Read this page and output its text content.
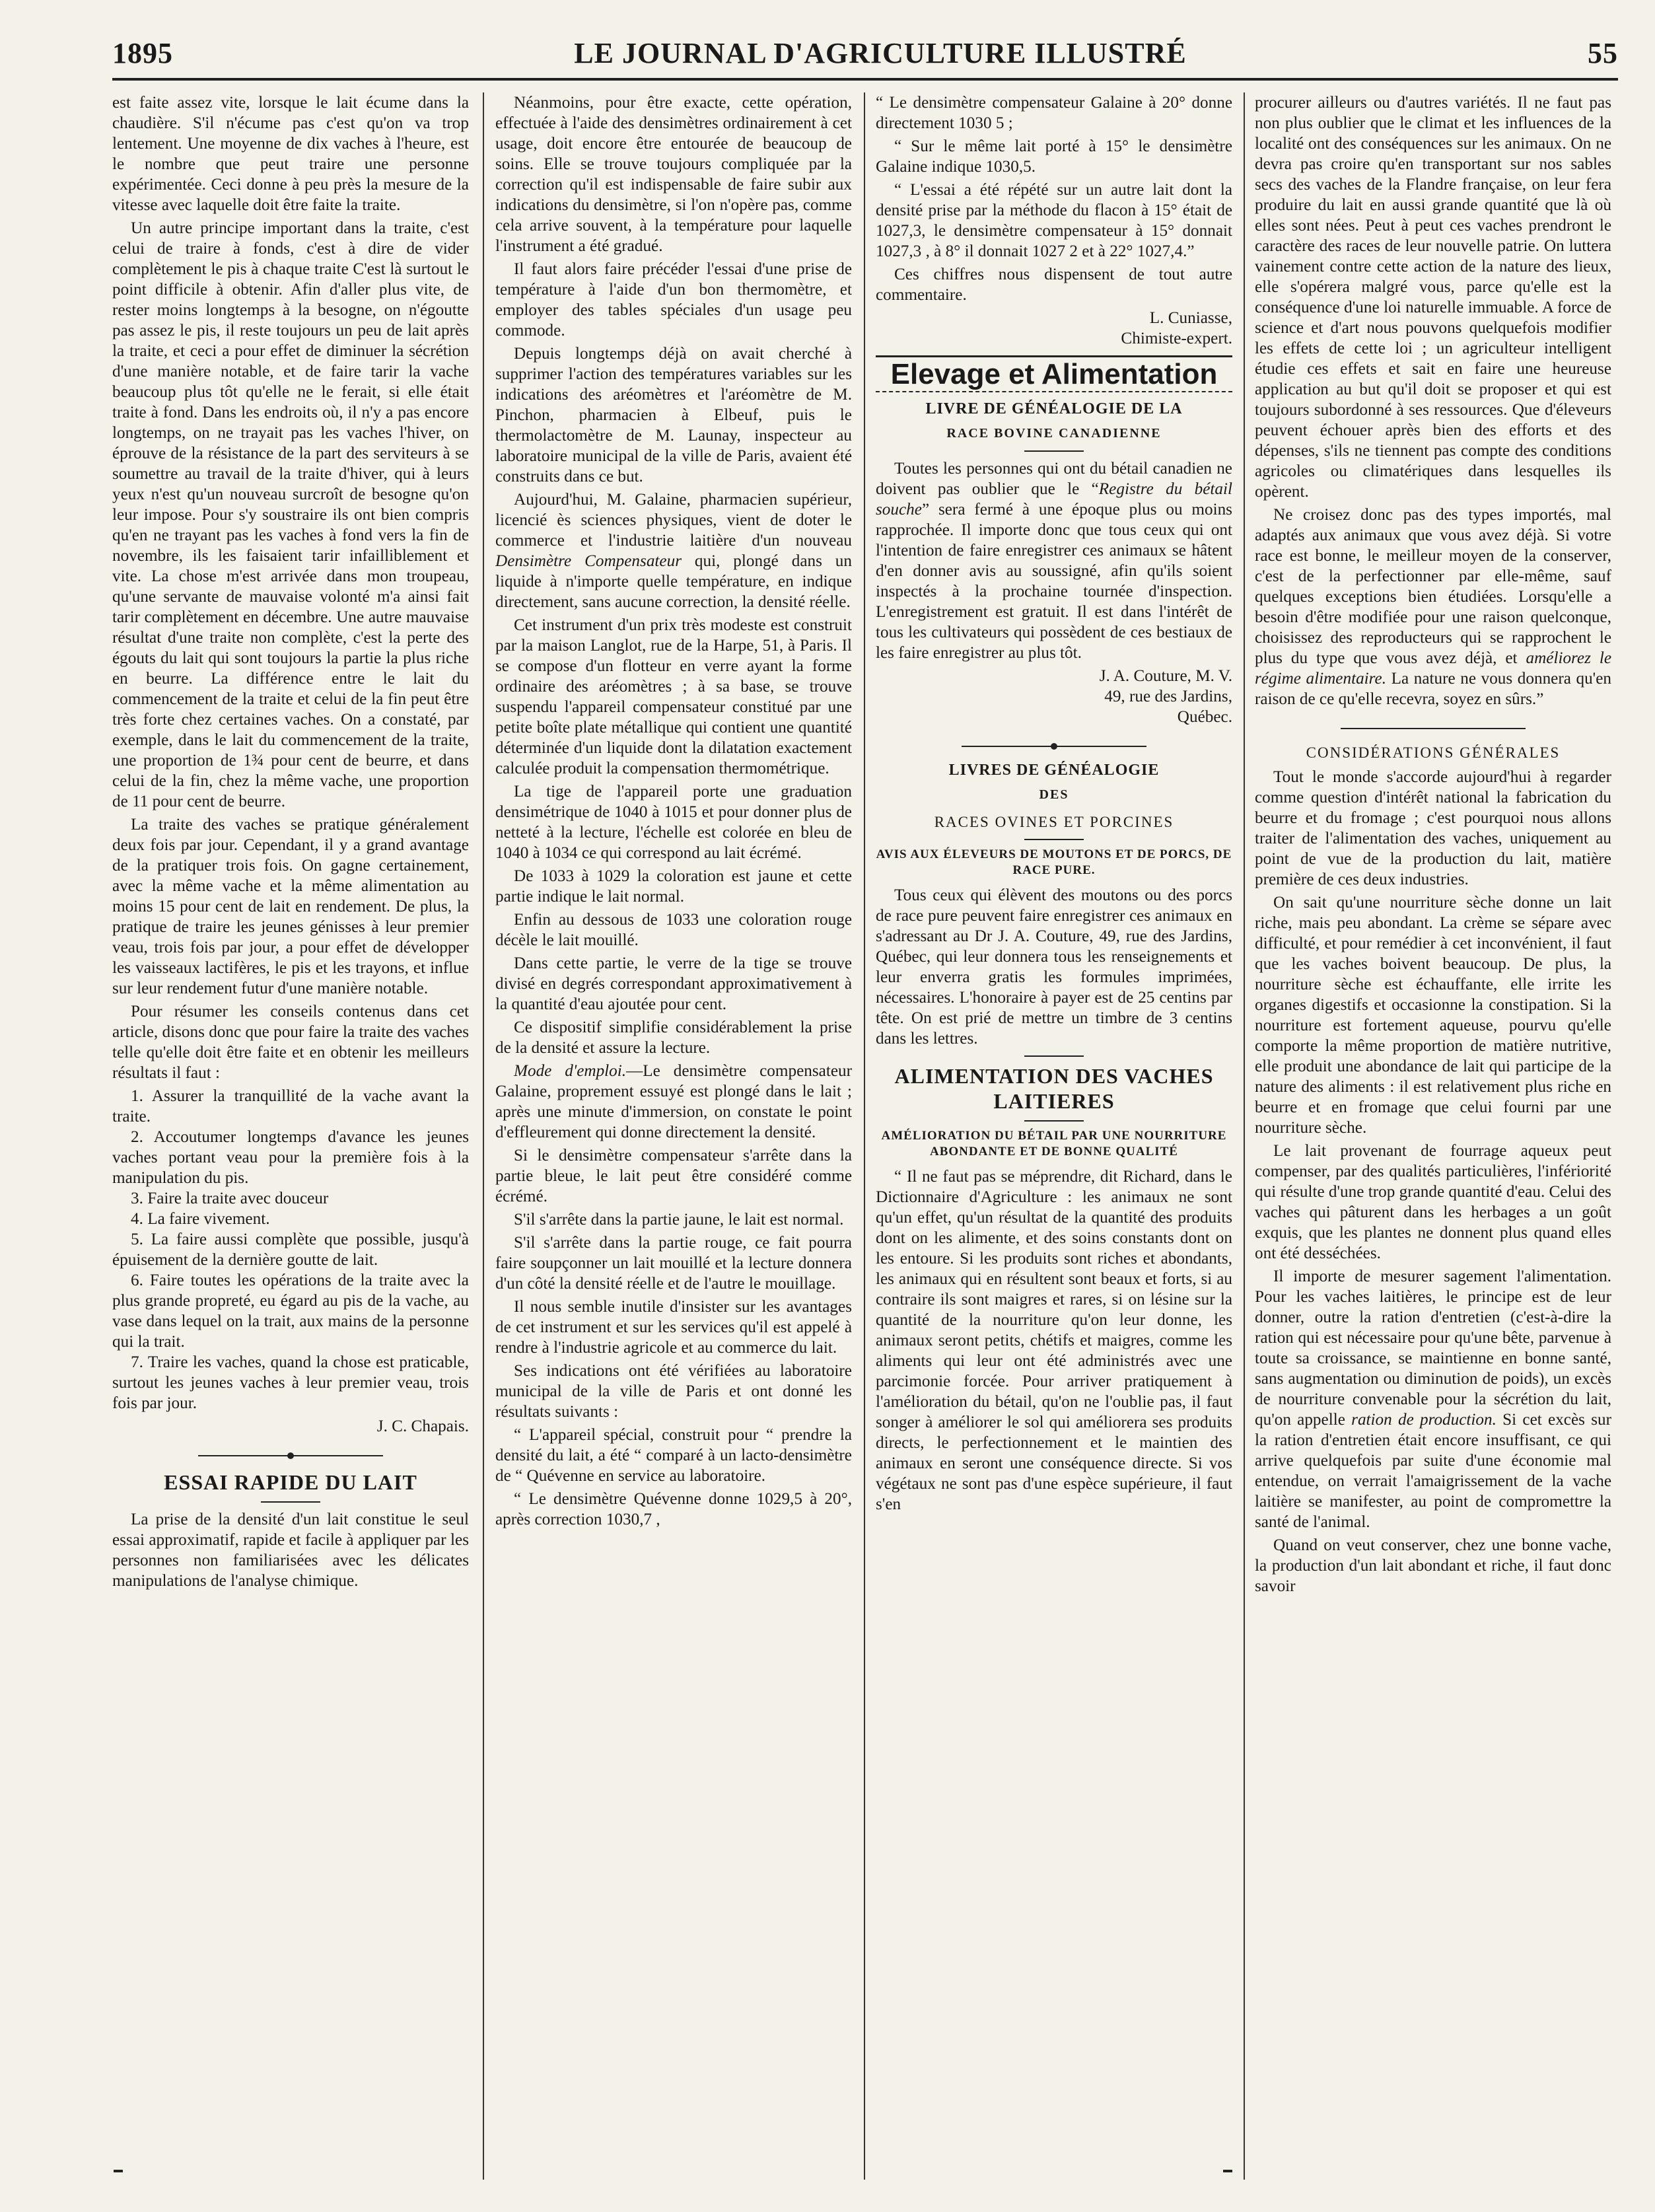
1895	LE JOURNAL D'AGRICULTURE ILLUSTRÉ	55

est faite assez vite, lorsque le lait écume dans la chaudière. S'il n'écume pas c'est qu'on va trop lentement. Une moyenne de dix vaches à l'heure, est le nombre que peut traire une personne expérimentée. Ceci donne à peu près la mesure de la vitesse avec laquelle doit être faite la traite.

Un autre principe important dans la traite, c'est celui de traire à fonds, c'est à dire de vider complètement le pis à chaque traite C'est là surtout le point difficile à obtenir. Afin d'aller plus vite, de rester moins longtemps à la besogne, on n'égoutte pas assez le pis, il reste toujours un peu de lait après la traite, et ceci a pour effet de diminuer la sécrétion d'une manière notable, et de faire tarir la vache beaucoup plus tôt qu'elle ne le ferait, si elle était traite à fond. Dans les endroits où, il n'y a pas encore longtemps, on ne trayait pas les vaches l'hiver, on éprouve de la résistance de la part des serviteurs à se soumettre au travail de la traite d'hiver, qui à leurs yeux n'est qu'un nouveau surcroît de besogne qu'on leur impose. Pour s'y soustraire ils ont bien compris qu'en ne trayant pas les vaches à fond vers la fin de novembre, ils les faisaient tarir infailliblement et vite. La chose m'est arrivée dans mon troupeau, qu'une servante de mauvaise volonté m'a ainsi fait tarir complètement en décembre. Une autre mauvaise résultat d'une traite non complète, c'est la perte des égouts du lait qui sont toujours la partie la plus riche en beurre. La différence entre le lait du commencement de la traite et celui de la fin peut être très forte chez certaines vaches. On a constaté, par exemple, dans le lait du commencement de la traite, une proportion de 1¾ pour cent de beurre, et dans celui de la fin, chez la même vache, une proportion de 11 pour cent de beurre.

La traite des vaches se pratique généralement deux fois par jour. Cependant, il y a grand avantage de la pratiquer trois fois. On gagne certainement, avec la même vache et la même alimentation au moins 15 pour cent de lait en rendement. De plus, la pratique de traire les jeunes génisses à leur premier veau, trois fois par jour, a pour effet de développer les vaisseaux lactifères, le pis et les trayons, et influe sur leur rendement futur d'une manière notable.

Pour résumer les conseils contenus dans cet article, disons donc que pour faire la traite des vaches telle qu'elle doit être faite et en obtenir les meilleurs résultats il faut :

1. Assurer la tranquillité de la vache avant la traite.
2. Accoutumer longtemps d'avance les jeunes vaches portant veau pour la première fois à la manipulation du pis.
3. Faire la traite avec douceur
4. La faire vivement.
5. La faire aussi complète que possible, jusqu'à épuisement de la dernière goutte de lait.
6. Faire toutes les opérations de la traite avec la plus grande propreté, eu égard au pis de la vache, au vase dans lequel on la trait, aux mains de la personne qui la trait.
7. Traire les vaches, quand la chose est praticable, surtout les jeunes vaches à leur premier veau, trois fois par jour.
J. C. Chapais.
ESSAI RAPIDE DU LAIT

La prise de la densité d'un lait constitue le seul essai approximatif, rapide et facile à appliquer par les personnes non familiarisées avec les délicates manipulations de l'analyse chimique.

Néanmoins, pour être exacte, cette opération, effectuée à l'aide des densimètres ordinairement à cet usage, doit encore être entourée de beaucoup de soins. Elle se trouve toujours compliquée par la correction qu'il est indispensable de faire subir aux indications du densimètre, si l'on n'opère pas, comme cela arrive souvent, à la température pour laquelle l'instrument a été gradué.

Il faut alors faire précéder l'essai d'une prise de température à l'aide d'un bon thermomètre, et employer des tables spéciales d'un usage peu commode.

Depuis longtemps déjà on avait cherché à supprimer l'action des températures variables sur les indications des aréomètres et l'aréomètre de M. Pinchon, pharmacien à Elbeuf, puis le thermolactomètre de M. Launay, inspecteur au laboratoire municipal de la ville de Paris, avaient été construits dans ce but.

Aujourd'hui, M. Galaine, pharmacien supérieur, licencié ès sciences physiques, vient de doter le commerce et l'industrie laitière d'un nouveau Densimètre Compensateur qui, plongé dans un liquide à n'importe quelle température, en indique directement, sans aucune correction, la densité réelle.

Cet instrument d'un prix très modeste est construit par la maison Langlot, rue de la Harpe, 51, à Paris. Il se compose d'un flotteur en verre ayant la forme ordinaire des aréomètres ; à sa base, se trouve suspendu l'appareil compensateur constitué par une petite boîte plate métallique qui contient une quantité déterminée d'un liquide dont la dilatation exactement calculée produit la compensation thermométrique.

La tige de l'appareil porte une graduation densimétrique de 1040 à 1015 et pour donner plus de netteté à la lecture, l'échelle est colorée en bleu de 1040 à 1034 ce qui correspond au lait écrémé.

De 1033 à 1029 la coloration est jaune et cette partie indique le lait normal.

Enfin au dessous de 1033 une coloration rouge décèle le lait mouillé.

Dans cette partie, le verre de la tige se trouve divisé en degrés correspondant approximativement à la quantité d'eau ajoutée pour cent.

Ce dispositif simplifie considérablement la prise de la densité et assure la lecture.

Mode d'emploi.—Le densimètre compensateur Galaine, proprement essuyé est plongé dans le lait ; après une minute d'immersion, on constate le point d'effleurement qui donne directement la densité.

Si le densimètre compensateur s'arrête dans la partie bleue, le lait peut être considéré comme écrémé.

S'il s'arrête dans la partie jaune, le lait est normal.

S'il s'arrête dans la partie rouge, ce fait pourra faire soupçonner un lait mouillé et la lecture donnera d'un côté la densité réelle et de l'autre le mouillage.

Il nous semble inutile d'insister sur les avantages de cet instrument et sur les services qu'il est appelé à rendre à l'industrie agricole et au commerce du lait.

Ses indications ont été vérifiées au laboratoire municipal de la ville de Paris et ont donné les résultats suivants :

“ L'appareil spécial, construit pour “ prendre la densité du lait, a été “ comparé à un lacto-densimètre de “ Quévenne en service au laboratoire.

“ Le densimètre Quévenne donne 1029,5 à 20°, après correction 1030,7 ,

“ Le densimètre compensateur Galaine à 20° donne directement 1030 5 ;

“ Sur le même lait porté à 15° le densimètre Galaine indique 1030,5.

“ L'essai a été répété sur un autre lait dont la densité prise par la méthode du flacon à 15° était de 1027,3, le densimètre compensateur à 15° donnait 1027,3 , à 8° il donnait 1027 2 et à 22° 1027,4.”

Ces chiffres nous dispensent de tout autre commentaire.

L. Cuniasse,
Chimiste-expert.
Elevage et Alimentation
LIVRE DE GÉNÉALOGIE DE LA
RACE BOVINE CANADIENNE

Toutes les personnes qui ont du bétail canadien ne doivent pas oublier que le “Registre du bétail souche” sera fermé à une époque plus ou moins rapprochée. Il importe donc que tous ceux qui ont l'intention de faire enregistrer ces animaux se hâtent d'en donner avis au soussigné, afin qu'ils soient inspectés à la prochaine tournée d'inspection. L'enregistrement est gratuit. Il est dans l'intérêt de tous les cultivateurs qui possèdent de ces bestiaux de les faire enregistrer au plus tôt.

J. A. Couture, M. V.
49, rue des Jardins,
Québec.
LIVRES DE GÉNÉALOGIE
DES
RACES OVINES ET PORCINES
AVIS AUX ÉLEVEURS DE MOUTONS ET DE PORCS, DE RACE PURE.

Tous ceux qui élèvent des moutons ou des porcs de race pure peuvent faire enregistrer ces animaux en s'adressant au Dr J. A. Couture, 49, rue des Jardins, Québec, qui leur donnera tous les renseignements et leur enverra gratis les formules imprimées, nécessaires. L'honoraire à payer est de 25 centins par tête. On est prié de mettre un timbre de 3 centins dans les lettres.

ALIMENTATION DES VACHES LAITIERES
AMÉLIORATION DU BÉTAIL PAR UNE NOURRITURE ABONDANTE ET DE BONNE QUALITÉ

“ Il ne faut pas se méprendre, dit Richard, dans le Dictionnaire d'Agriculture : les animaux ne sont qu'un effet, qu'un résultat de la quantité des produits dont on les alimente, et des soins constants dont on les entoure. Si les produits sont riches et abondants, les animaux qui en résultent sont beaux et forts, si au contraire ils sont maigres et rares, si on lésine sur la quantité de la nourriture qu'on leur donne, les animaux seront petits, chétifs et maigres, comme les aliments qui leur ont été administrés avec une parcimonie forcée. Pour arriver pratiquement à l'amélioration du bétail, qu'on ne l'oublie pas, il faut songer à améliorer le sol qui améliorera ses produits directs, le perfectionnement et le maintien des animaux en seront une conséquence directe. Si vos végétaux ne sont pas d'une espèce supérieure, il faut s'en

procurer ailleurs ou d'autres variétés. Il ne faut pas non plus oublier que le climat et les influences de la localité ont des conséquences sur les animaux. On ne devra pas croire qu'en transportant sur nos sables secs des vaches de la Flandre française, on leur fera produire du lait en aussi grande quantité que là où elles sont nées. Peut à peut ces vaches prendront le caractère des races de leur nouvelle patrie. On luttera vainement contre cette action de la nature des lieux, elle s'opérera malgré vous, parce qu'elle est la conséquence d'une loi naturelle immuable. A force de science et d'art nous pouvons quelquefois modifier les effets de cette loi ; un agriculteur intelligent étudie ces effets et sait en faire une heureuse application au but qu'il doit se proposer et qui est toujours subordonné à ses ressources. Que d'éleveurs peuvent échouer après bien des efforts et des dépenses, s'ils ne tiennent pas compte des conditions agricoles ou climatériques dans lesquelles ils opèrent.

Ne croisez donc pas des types importés, mal adaptés aux animaux que vous avez déjà. Si votre race est bonne, le meilleur moyen de la conserver, c'est de la perfectionner par elle-même, sauf quelques exceptions bien étudiées. Lorsqu'elle a besoin d'être modifiée pour une raison quelconque, choisissez des reproducteurs qui se rapprochent le plus du type que vous avez déjà, et améliorez le régime alimentaire. La nature ne vous donnera qu'en raison de ce qu'elle recevra, soyez en sûrs.”

CONSIDÉRATIONS GÉNÉRALES

Tout le monde s'accorde aujourd'hui à regarder comme question d'intérêt national la fabrication du beurre et du fromage ; c'est pourquoi nous allons traiter de l'alimentation des vaches, uniquement au point de vue de la production du lait, matière première de ces deux industries.

On sait qu'une nourriture sèche donne un lait riche, mais peu abondant. La crème se sépare avec difficulté, et pour remédier à cet inconvénient, il faut que les vaches boivent beaucoup. De plus, la nourriture sèche est échauffante, elle irrite les organes digestifs et occasionne la constipation. Si la nourriture est fortement aqueuse, pourvu qu'elle comporte la même proportion de matière nutritive, elle produit une abondance de lait qui participe de la nature des aliments : il est relativement plus riche en beurre et en fromage que celui fourni par une nourriture sèche.

Le lait provenant de fourrage aqueux peut compenser, par des qualités particulières, l'infériorité qui résulte d'une trop grande quantité d'eau. Celui des vaches qui pâturent dans les herbages a un goût exquis, que les plantes ne donnent plus quand elles ont été desséchées.

Il importe de mesurer sagement l'alimentation. Pour les vaches laitières, le principe est de leur donner, outre la ration d'entretien (c'est-à-dire la ration qui est nécessaire pour qu'une bête, parvenue à toute sa croissance, se maintienne en bonne santé, sans augmentation ou diminution de poids), un excès de nourriture convenable pour la sécrétion du lait, qu'on appelle ration de production. Si cet excès sur la ration d'entretien était encore insuffisant, ce qui arrive quelquefois par suite d'une économie mal entendue, on verrait l'amaigrissement de la vache laitière se manifester, au point de compromettre la santé de l'animal.

Quand on veut conserver, chez une bonne vache, la production d'un lait abondant et riche, il faut donc savoir
